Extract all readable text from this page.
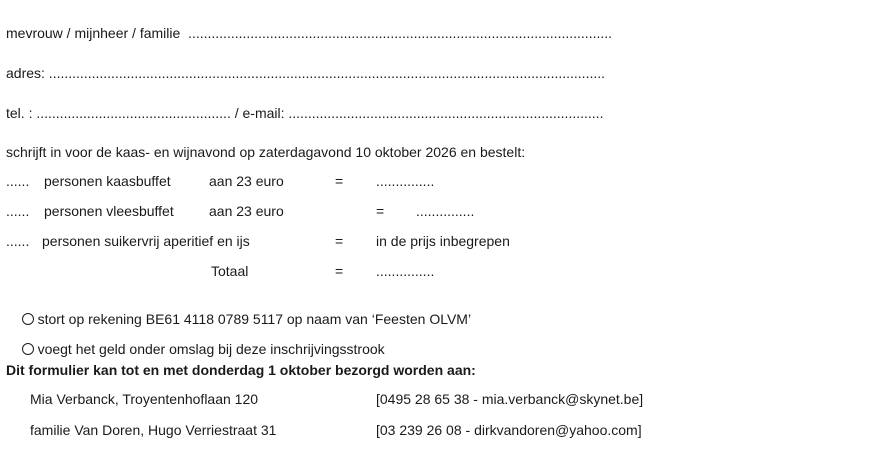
mevrouw / mijnheer / familie  .............................................................................................................
adres: ...............................................................................................................................................
tel. : .................................................. / e-mail: .................................................................................
schrijft in voor de kaas- en wijnavond op zaterdagavond 10 oktober 2026 en bestelt:
...... personen kaasbuffet	aan 23 euro	= ...............
...... personen vleesbuffet	aan 23 euro	= ...............
...... personen suikervrij aperitief en ijs	= in de prijs inbegrepen
Totaal	= ...............

stort op rekening BE61 4118 0789 5117 op naam van ‘Feesten OLVM’

voegt het geld onder omslag bij deze inschrijvingsstrook

Dit formulier kan tot en met donderdag 1 oktober bezorgd worden aan:
Mia Verbanck, Troyentenhoflaan 120	[0495 28 65 38 - mia.verbanck@skynet.be]
familie Van Doren, Hugo Verriestraat 31	[03 239 26 08 - dirkvandoren@yahoo.com]
